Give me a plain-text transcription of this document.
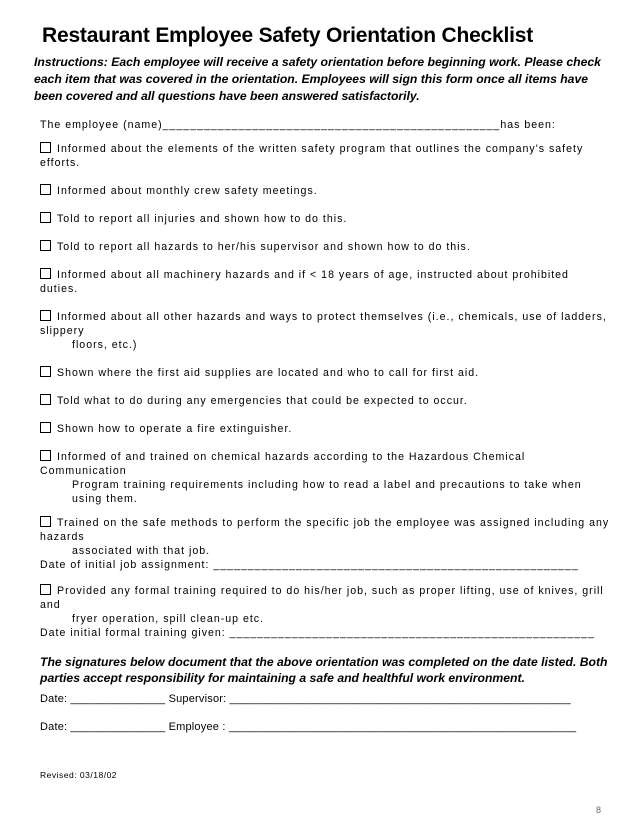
Restaurant Employee Safety Orientation Checklist
Instructions: Each employee will receive a safety orientation before beginning work. Please check each item that was covered in the orientation. Employees will sign this form once all items have been covered and all questions have been answered satisfactorily.
The employee (name)_________________________________________________has been:
Informed about the elements of the written safety program that outlines the company's safety efforts.
Informed about monthly crew safety meetings.
Told to report all injuries and shown how to do this.
Told to report all hazards to her/his supervisor and shown how to do this.
Informed about all machinery hazards and if < 18 years of age, instructed about prohibited duties.
Informed about all other hazards and ways to protect themselves (i.e., chemicals, use of ladders, slippery
floors, etc.)
Shown where the first aid supplies are located and who to call for first aid.
Told what to do during any emergencies that could be expected to occur.
Shown how to operate a fire extinguisher.
Informed of and trained on chemical hazards according to the Hazardous Chemical Communication
Program training requirements including how to read a label and precautions to take when using them.
Trained on the safe methods to perform the specific job the employee was assigned including any hazards
associated with that job.
Date of initial job assignment: _____________________________________________________
Provided any formal training required to do his/her job, such as proper lifting, use of knives, grill and
fryer operation, spill clean-up etc.
Date initial formal training given: _____________________________________________________
The signatures below document that the above orientation was completed on the date listed. Both parties accept responsibility for maintaining a safe and healthful work environment.
Date: _______________ Supervisor: ______________________________________________________
Date: _______________ Employee : _______________________________________________________
Revised: 03/18/02
8
